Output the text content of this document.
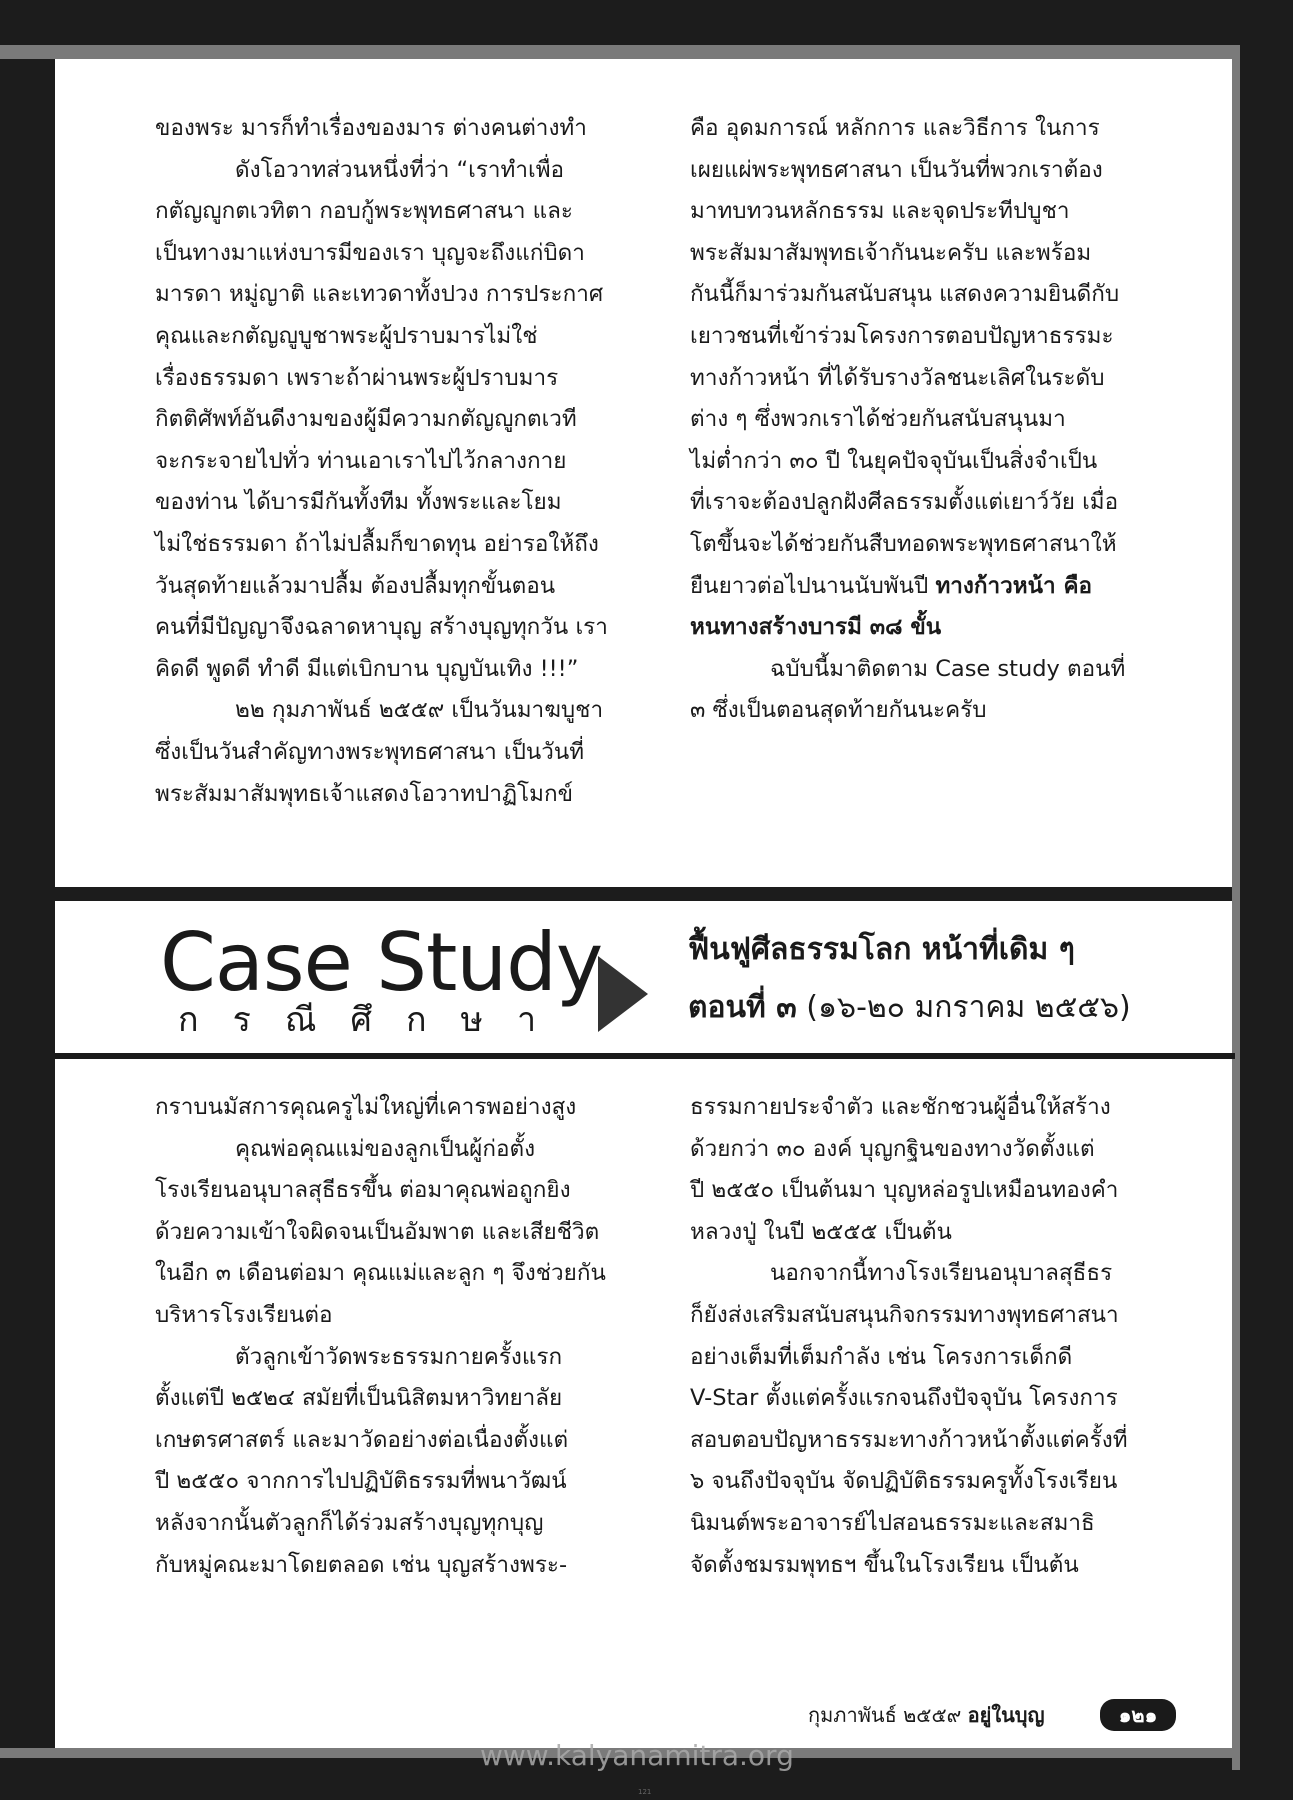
ของพระ มารก็ทำเรื่องของมาร ต่างคนต่างทำ

ดังโอวาทส่วนหนึ่งที่ว่า “เราทำเพื่อ

กตัญญูกตเวทิตา กอบกู้พระพุทธศาสนา และ

เป็นทางมาแห่งบารมีของเรา บุญจะถึงแก่บิดา

มารดา หมู่ญาติ และเทวดาทั้งปวง การประกาศ

คุณและกตัญญูบูชาพระผู้ปราบมารไม่ใช่

เรื่องธรรมดา เพราะถ้าผ่านพระผู้ปราบมาร

กิตติศัพท์อันดีงามของผู้มีความกตัญญูกตเวที

จะกระจายไปทั่ว ท่านเอาเราไปไว้กลางกาย

ของท่าน ได้บารมีกันทั้งทีม ทั้งพระและโยม

ไม่ใช่ธรรมดา ถ้าไม่ปลื้มก็ขาดทุน อย่ารอให้ถึง

วันสุดท้ายแล้วมาปลื้ม ต้องปลื้มทุกขั้นตอน

คนที่มีปัญญาจึงฉลาดหาบุญ สร้างบุญทุกวัน เรา

คิดดี พูดดี ทำดี มีแต่เบิกบาน บุญบันเทิง !!!”

๒๒ กุมภาพันธ์ ๒๕๕๙ เป็นวันมาฆบูชา

ซึ่งเป็นวันสำคัญทางพระพุทธศาสนา เป็นวันที่

พระสัมมาสัมพุทธเจ้าแสดงโอวาทปาฏิโมกข์

คือ อุดมการณ์ หลักการ และวิธีการ ในการ

เผยแผ่พระพุทธศาสนา เป็นวันที่พวกเราต้อง

มาทบทวนหลักธรรม และจุดประทีปบูชา

พระสัมมาสัมพุทธเจ้ากันนะครับ และพร้อม

กันนี้ก็มาร่วมกันสนับสนุน แสดงความยินดีกับ

เยาวชนที่เข้าร่วมโครงการตอบปัญหาธรรมะ

ทางก้าวหน้า ที่ได้รับรางวัลชนะเลิศในระดับ

ต่าง ๆ ซึ่งพวกเราได้ช่วยกันสนับสนุนมา

ไม่ต่ำกว่า ๓๐ ปี ในยุคปัจจุบันเป็นสิ่งจำเป็น

ที่เราจะต้องปลูกฝังศีลธรรมตั้งแต่เยาว์วัย เมื่อ

โตขึ้นจะได้ช่วยกันสืบทอดพระพุทธศาสนาให้

ยืนยาวต่อไปนานนับพันปี ทางก้าวหน้า คือ

หนทางสร้างบารมี ๓๘ ขั้น

ฉบับนี้มาติดตาม Case study ตอนที่

๓ ซึ่งเป็นตอนสุดท้ายกันนะครับ

Case Study
กรณีศึกษา
ฟื้นฟูศีลธรรมโลก หน้าที่เดิม ๆ
ตอนที่ ๓ (๑๖-๒๐ มกราคม ๒๕๕๖)

กราบนมัสการคุณครูไม่ใหญ่ที่เคารพอย่างสูง

คุณพ่อคุณแม่ของลูกเป็นผู้ก่อตั้ง

โรงเรียนอนุบาลสุธีธรขึ้น ต่อมาคุณพ่อถูกยิง

ด้วยความเข้าใจผิดจนเป็นอัมพาต และเสียชีวิต

ในอีก ๓ เดือนต่อมา คุณแม่และลูก ๆ จึงช่วยกัน

บริหารโรงเรียนต่อ

ตัวลูกเข้าวัดพระธรรมกายครั้งแรก

ตั้งแต่ปี ๒๕๒๔ สมัยที่เป็นนิสิตมหาวิทยาลัย

เกษตรศาสตร์ และมาวัดอย่างต่อเนื่องตั้งแต่

ปี ๒๕๕๐ จากการไปปฏิบัติธรรมที่พนาวัฒน์

หลังจากนั้นตัวลูกก็ได้ร่วมสร้างบุญทุกบุญ

กับหมู่คณะมาโดยตลอด เช่น บุญสร้างพระ-

ธรรมกายประจำตัว และชักชวนผู้อื่นให้สร้าง

ด้วยกว่า ๓๐ องค์ บุญกฐินของทางวัดตั้งแต่

ปี ๒๕๕๐ เป็นต้นมา บุญหล่อรูปเหมือนทองคำ

หลวงปู่ ในปี ๒๕๕๕ เป็นต้น

นอกจากนี้ทางโรงเรียนอนุบาลสุธีธร

ก็ยังส่งเสริมสนับสนุนกิจกรรมทางพุทธศาสนา

อย่างเต็มที่เต็มกำลัง เช่น โครงการเด็กดี

V-Star ตั้งแต่ครั้งแรกจนถึงปัจจุบัน โครงการ

สอบตอบปัญหาธรรมะทางก้าวหน้าตั้งแต่ครั้งที่

๖ จนถึงปัจจุบัน จัดปฏิบัติธรรมครูทั้งโรงเรียน

นิมนต์พระอาจารย์ไปสอนธรรมะและสมาธิ

จัดตั้งชมรมพุทธฯ ขึ้นในโรงเรียน เป็นต้น

กุมภาพันธ์ ๒๕๕๙ อยู่ในบุญ	๑๒๑
www.kalyanamitra.org
121
